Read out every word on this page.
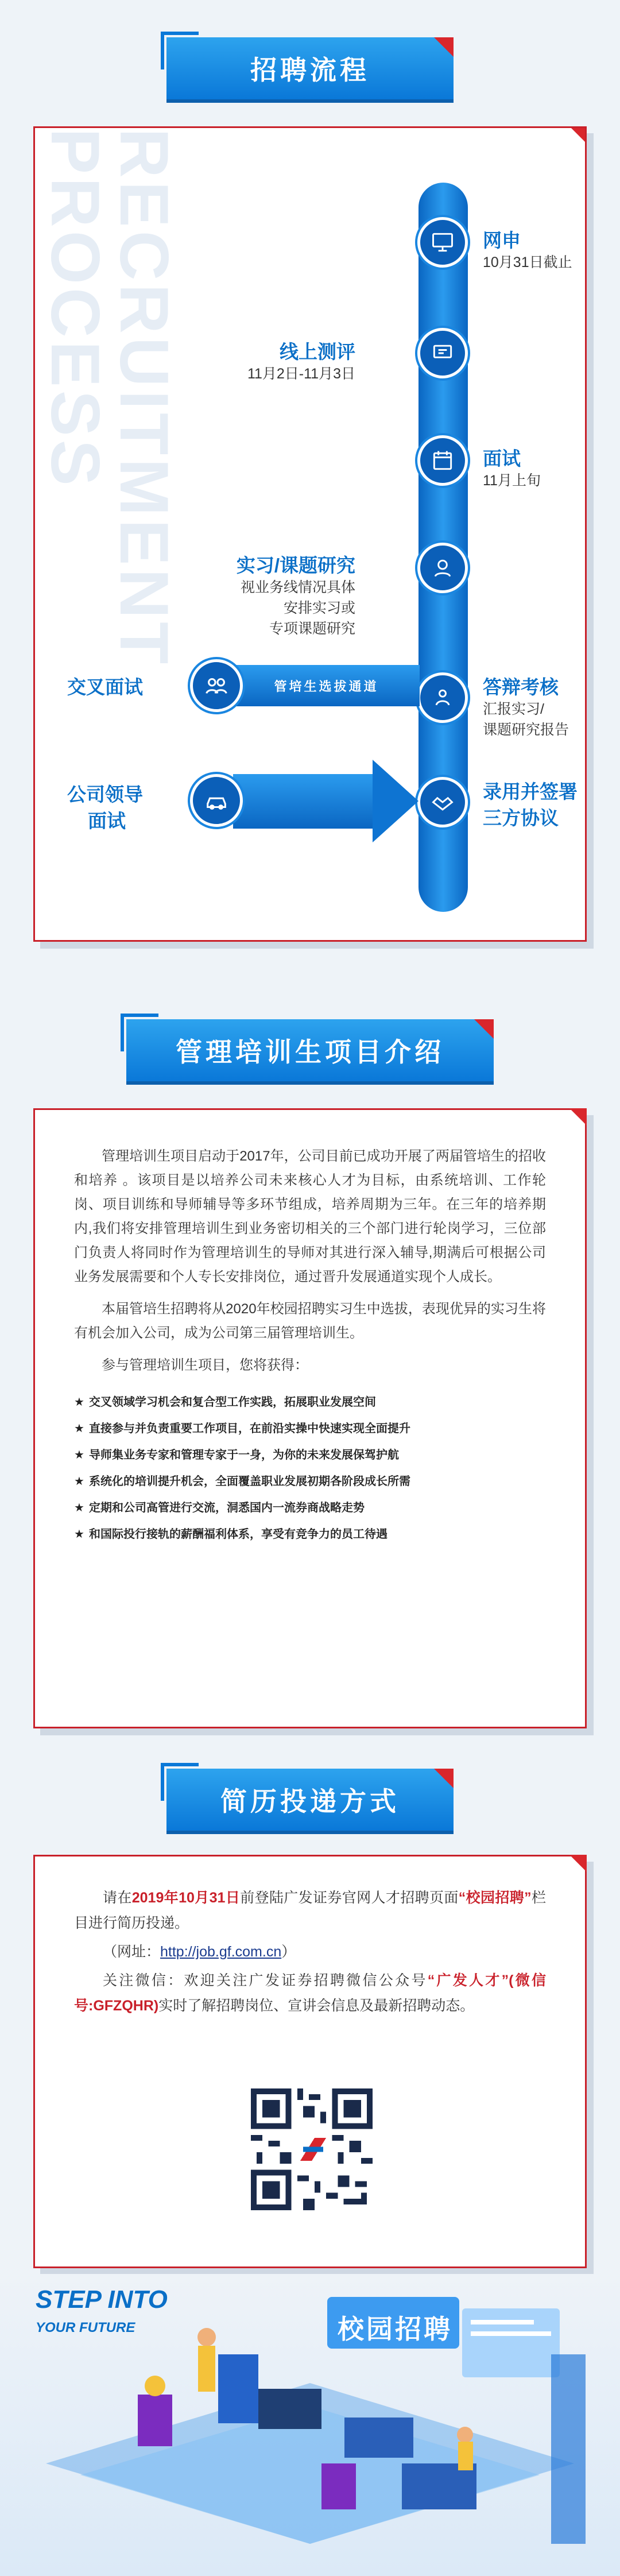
招聘流程
RECRUITMENT
PROCESS	网申
10月31日截止
线上测评
11月2日-11月3日
面试
11月上旬
实习/课题研究
视业务线情况具体
安排实习或
专项课题研究
答辩考核
汇报实习/
课题研究报告
录用并签署
三方协议
管培生选拔通道
交叉面试
公司领导
面试
管理培训生项目介绍

管理培训生项目启动于2017年，公司目前已成功开展了两届管培生的招收和培养 。该项目是以培养公司未来核心人才为目标，由系统培训、工作轮岗、项目训练和导师辅导等多环节组成，培养周期为三年。在三年的培养期内,我们将安排管理培训生到业务密切相关的三个部门进行轮岗学习，三位部门负责人将同时作为管理培训生的导师对其进行深入辅导,期满后可根据公司业务发展需要和个人专长安排岗位，通过晋升发展通道实现个人成长。

本届管培生招聘将从2020年校园招聘实习生中选拔，表现优异的实习生将有机会加入公司，成为公司第三届管理培训生。

参与管理培训生项目，您将获得：

★ 交叉领域学习机会和复合型工作实践，拓展职业发展空间
★ 直接参与并负责重要工作项目，在前沿实操中快速实现全面提升
★ 导师集业务专家和管理专家于一身，为你的未来发展保驾护航
★ 系统化的培训提升机会，全面覆盖职业发展初期各阶段成长所需
★ 定期和公司高管进行交流，洞悉国内一流券商战略走势
★ 和国际投行接轨的薪酬福利体系，享受有竞争力的员工待遇
简历投递方式

请在2019年10月31日前登陆广发证券官网人才招聘页面“校园招聘”栏目进行简历投递。

（网址：http://job.gf.com.cn）

关注微信：欢迎关注广发证券招聘微信公众号“广发人才”(微信号:GFZQHR)实时了解招聘岗位、宣讲会信息及最新招聘动态。

校园招聘
STEP INTO
YOUR FUTURE
